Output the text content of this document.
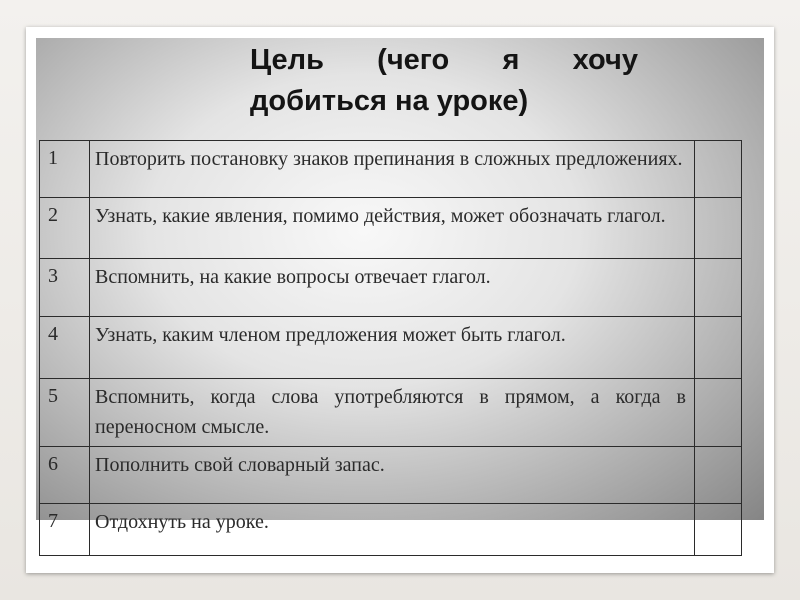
Цель (чего я хочу
добиться на уроке)
1	Повторить постановку знаков препинания в сложных предложениях.	
2	Узнать, какие явления, помимо действия, может обозначать глагол.	
3	Вспомнить, на какие вопросы отвечает глагол.	
4	Узнать, каким членом предложения может быть глагол.	
5	Вспомнить, когда слова употребляются в прямом, а когда в переносном смысле.	
6	Пополнить свой словарный запас.	
7	Отдохнуть на уроке.	
